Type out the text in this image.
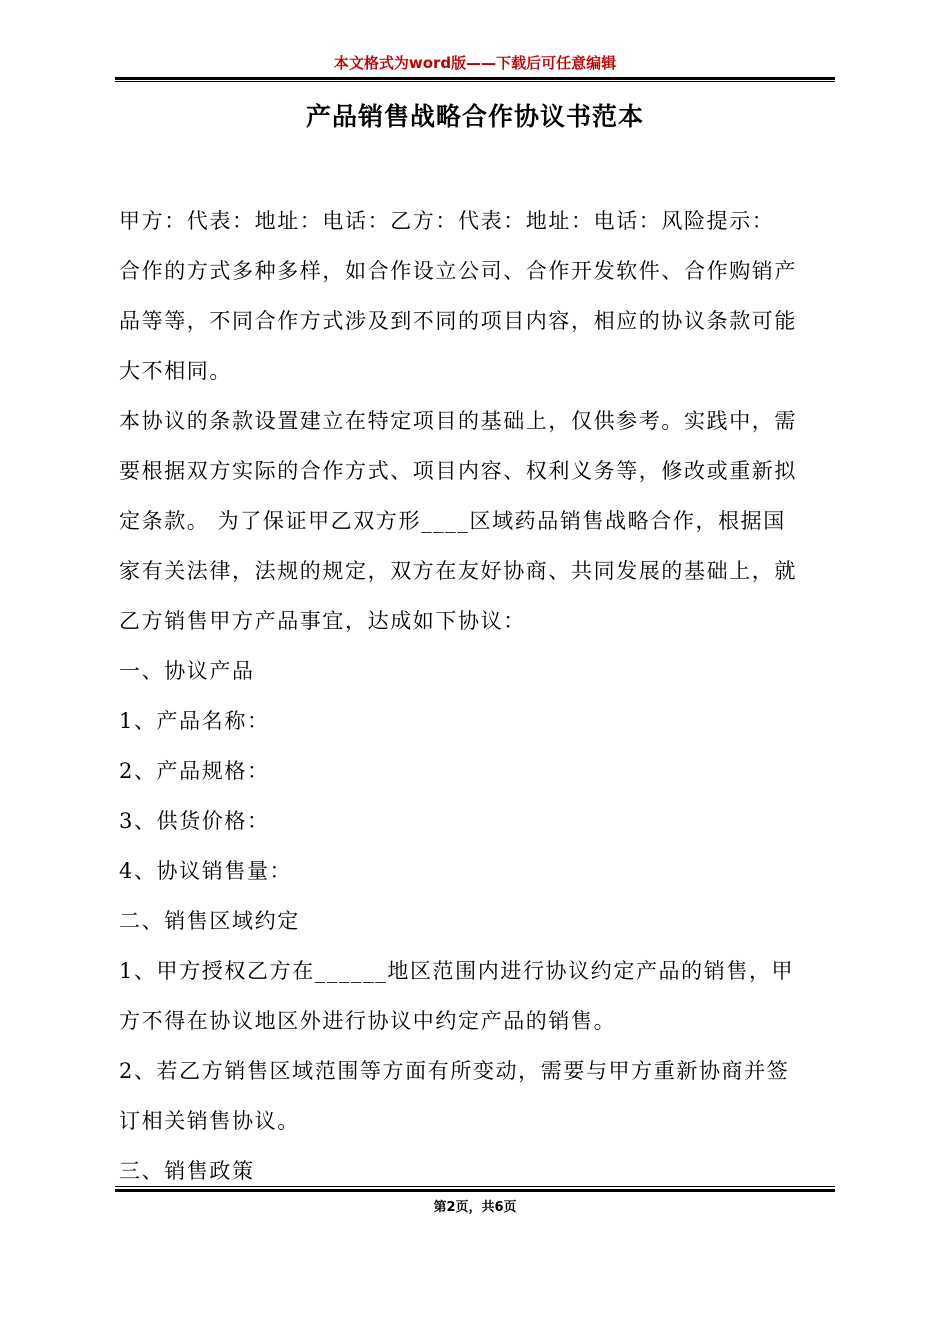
本文格式为word版——下载后可任意编辑
产品销售战略合作协议书范本
甲方：代表：地址：电话：乙方：代表：地址：电话：风险提示：
合作的方式多种多样，如合作设立公司、合作开发软件、合作购销产
品等等，不同合作方式涉及到不同的项目内容，相应的协议条款可能
大不相同。
本协议的条款设置建立在特定项目的基础上，仅供参考。实践中，需
要根据双方实际的合作方式、项目内容、权利义务等，修改或重新拟
定条款。 为了保证甲乙双方形____区域药品销售战略合作，根据国
家有关法律，法规的规定，双方在友好协商、共同发展的基础上，就
乙方销售甲方产品事宜，达成如下协议：
一、协议产品
1、产品名称：
2、产品规格：
3、供货价格：
4、协议销售量：
二、销售区域约定
1、甲方授权乙方在______地区范围内进行协议约定产品的销售，甲
方不得在协议地区外进行协议中约定产品的销售。
2、若乙方销售区域范围等方面有所变动，需要与甲方重新协商并签
订相关销售协议。
三、销售政策
第2页，共6页
